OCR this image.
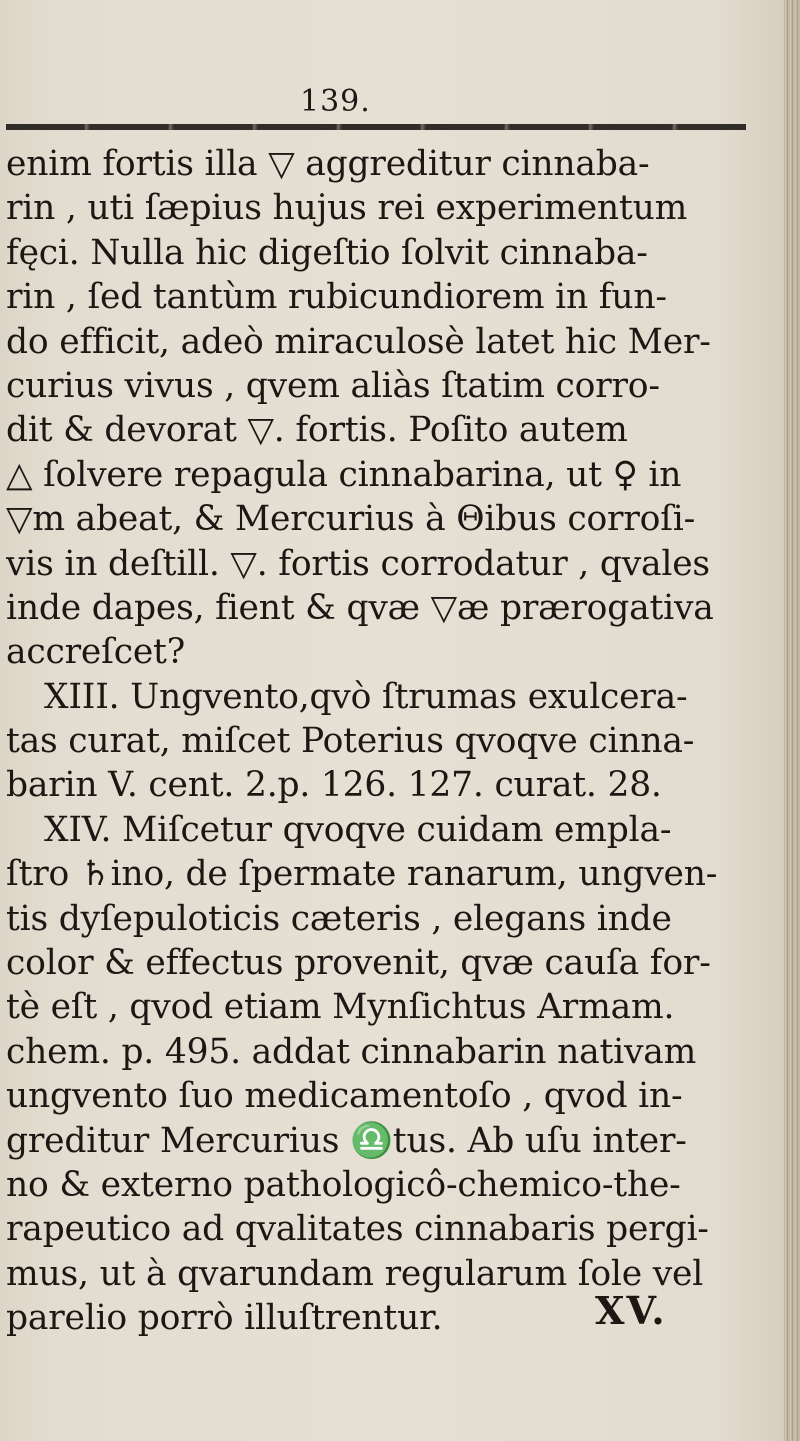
139.
enim fortis illa ▽ aggreditur cinnaba-
rin , uti ſæpius hujus rei experimentum
fęci. Nulla hic digeſtio ſolvit cinnaba-
rin , ſed tantùm rubicundiorem in fun-
do efficit, adeò miraculosè latet hic Mer-
curius vivus , qvem aliàs ſtatim corro-
dit & devorat ▽. fortis. Poſito autem
△ ſolvere repagula cinnabarina, ut ♀ in
▽m abeat, & Mercurius à Θibus corroſi-
vis in deſtill. ▽. fortis corrodatur , qvales
inde dapes, fient & qvæ ▽æ prærogativa
accreſcet?
XIII. Ungvento,qvò ſtrumas exulcera-
tas curat, miſcet Poterius qvoqve cinna-
barin V. cent. 2.p. 126. 127. curat. 28.
XIV. Miſcetur qvoqve cuidam empla-
ſtro ♄ino, de ſpermate ranarum, ungven-
tis dyſepuloticis cæteris , elegans inde
color & effectus provenit, qvæ cauſa for-
tè eſt , qvod etiam Mynſichtus Armam.
chem. p. 495. addat cinnabarin nativam
ungvento ſuo medicamentoſo , qvod in-
greditur Mercurius ♎tus. Ab uſu inter-
no & externo pathologicô-chemico-the-
rapeutico ad qvalitates cinnabaris pergi-
mus, ut à qvarundam regularum ſole vel
parelio porrò illuſtrentur.	XV.
